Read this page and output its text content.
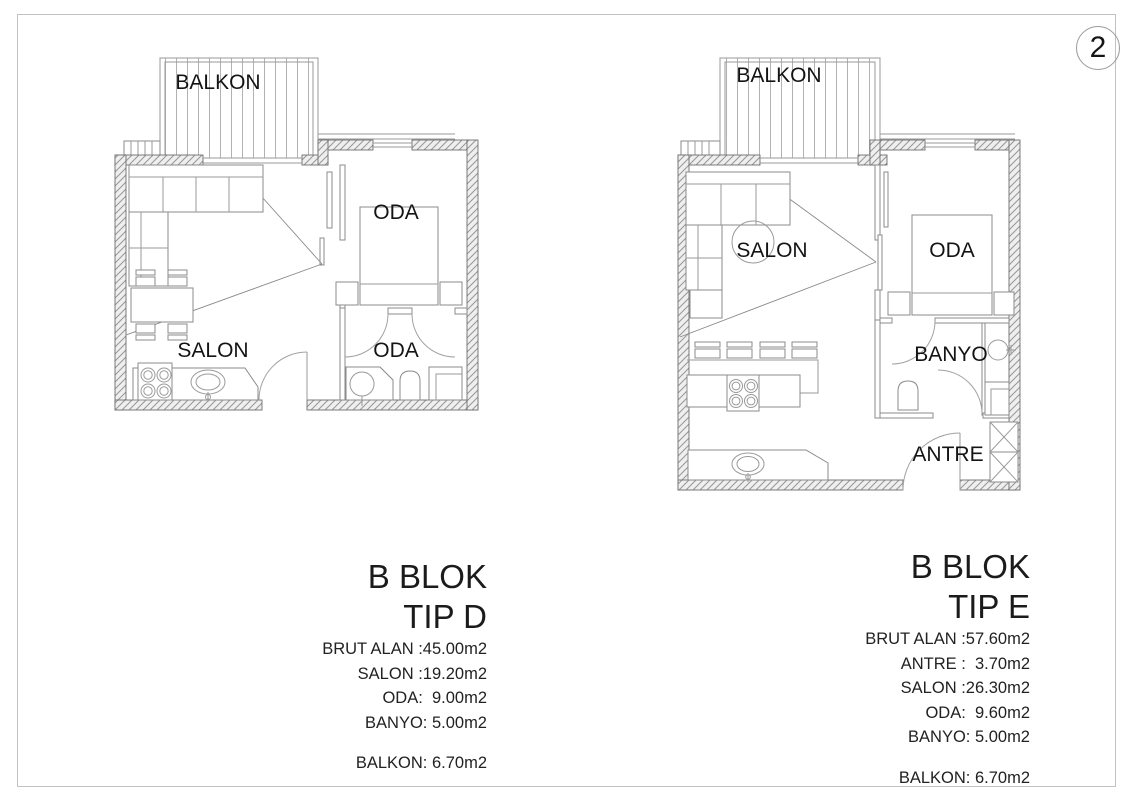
2
BALKON
ODA
SALON	ODA
BALKON
SALON	ODA
BANYO
ANTRE
B BLOK
TIP D
BRUT ALAN :45.00m2
SALON :19.20m2
ODA:  9.00m2
BANYO: 5.00m2
BALKON: 6.70m2
B BLOK
TIP E
BRUT ALAN :57.60m2
ANTRE :  3.70m2
SALON :26.30m2
ODA:  9.60m2
BANYO: 5.00m2
BALKON: 6.70m2
